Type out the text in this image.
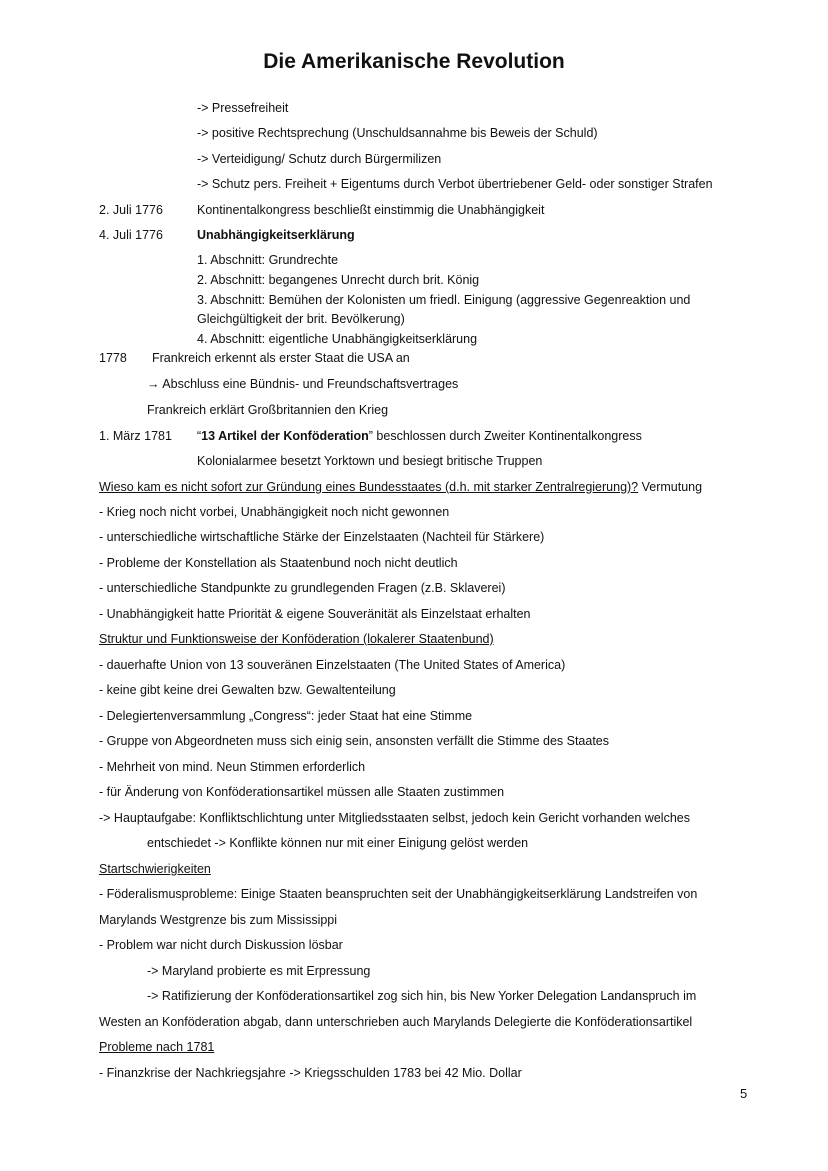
Die Amerikanische Revolution
-> Pressefreiheit
-> positive Rechtsprechung (Unschuldsannahme bis Beweis der Schuld)
-> Verteidigung/ Schutz durch Bürgermilizen
-> Schutz pers. Freiheit + Eigentums durch Verbot übertriebener Geld- oder sonstiger Strafen
2. Juli 1776	Kontinentalkongress beschließt einstimmig die Unabhängigkeit
4. Juli 1776	Unabhängigkeitserklärung
1. Abschnitt: Grundrechte
2. Abschnitt: begangenes Unrecht durch brit. König
3. Abschnitt: Bemühen der Kolonisten um friedl. Einigung (aggressive Gegenreaktion und
Gleichgültigkeit der brit. Bevölkerung)
4. Abschnitt: eigentliche Unabhängigkeitserklärung
1778 Frankreich erkennt als erster Staat die USA an
→ Abschluss eine Bündnis- und Freundschaftsvertrages
Frankreich erklärt Großbritannien den Krieg
1. März 1781 “13 Artikel der Konföderation” beschlossen durch Zweiter Kontinentalkongress
Kolonialarmee besetzt Yorktown und besiegt britische Truppen
Wieso kam es nicht sofort zur Gründung eines Bundesstaates (d.h. mit starker Zentralregierung)? Vermutung
- Krieg noch nicht vorbei, Unabhängigkeit noch nicht gewonnen
- unterschiedliche wirtschaftliche Stärke der Einzelstaaten (Nachteil für Stärkere)
- Probleme der Konstellation als Staatenbund noch nicht deutlich
- unterschiedliche Standpunkte zu grundlegenden Fragen (z.B. Sklaverei)
- Unabhängigkeit hatte Priorität & eigene Souveränität als Einzelstaat erhalten
Struktur und Funktionsweise der Konföderation (lokalerer Staatenbund)
- dauerhafte Union von 13 souveränen Einzelstaaten (The United States of America)
- keine gibt keine drei Gewalten bzw. Gewaltenteilung
- Delegiertenversammlung „Congress“: jeder Staat hat eine Stimme
- Gruppe von Abgeordneten muss sich einig sein, ansonsten verfällt die Stimme des Staates
- Mehrheit von mind. Neun Stimmen erforderlich
- für Änderung von Konföderationsartikel müssen alle Staaten zustimmen
-> Hauptaufgabe: Konfliktschlichtung unter Mitgliedsstaaten selbst, jedoch kein Gericht vorhanden welches
entschiedet -> Konflikte können nur mit einer Einigung gelöst werden
Startschwierigkeiten
- Föderalismusprobleme: Einige Staaten beanspruchten seit der Unabhängigkeitserklärung Landstreifen von
Marylands Westgrenze bis zum Mississippi
- Problem war nicht durch Diskussion lösbar
-> Maryland probierte es mit Erpressung
-> Ratifizierung der Konföderationsartikel zog sich hin, bis New Yorker Delegation Landanspruch im
Westen an Konföderation abgab, dann unterschrieben auch Marylands Delegierte die Konföderationsartikel
Probleme nach 1781
- Finanzkrise der Nachkriegsjahre -> Kriegsschulden 1783 bei 42 Mio. Dollar
5
